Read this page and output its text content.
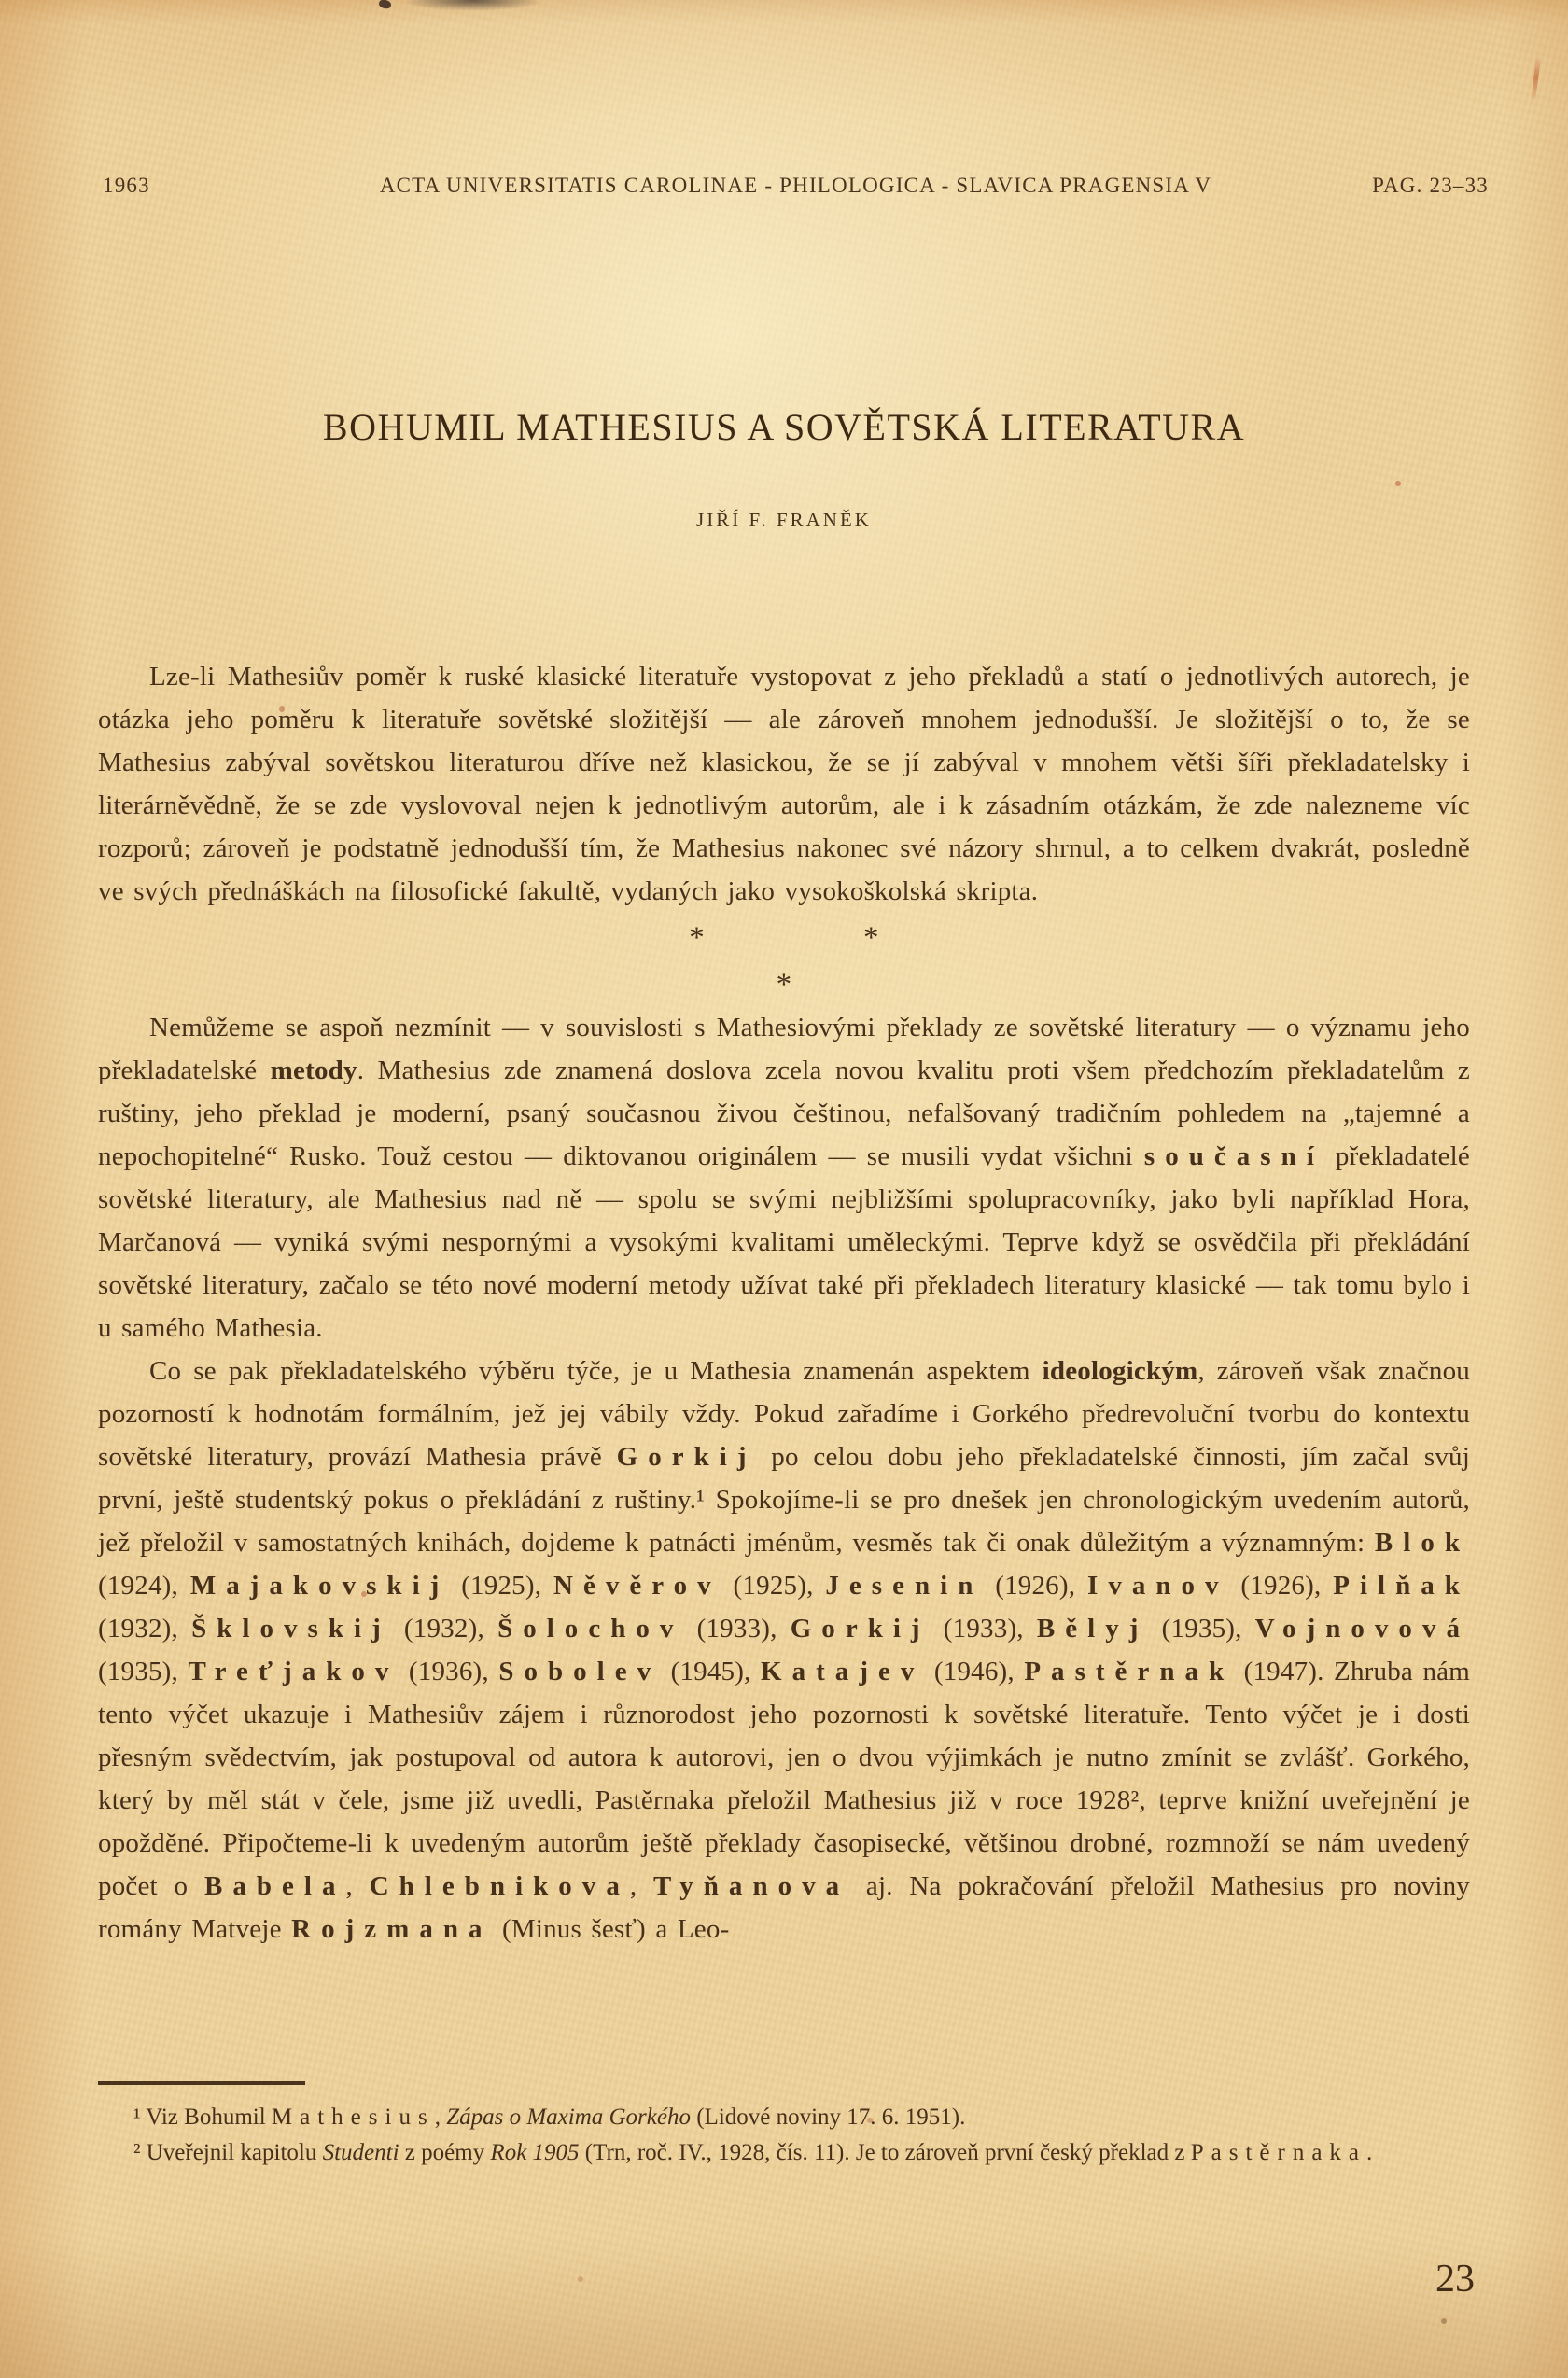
1963	ACTA UNIVERSITATIS CAROLINAE - PHILOLOGICA - SLAVICA PRAGENSIA V	PAG. 23–33
BOHUMIL MATHESIUS A SOVĚTSKÁ LITERATURA
JIŘÍ F. FRANĚK

Lze-li Mathesiův poměr k ruské klasické literatuře vystopovat z jeho překladů a statí o jednotlivých autorech, je otázka jeho poměru k literatuře sovětské složitější — ale zároveň mnohem jednodušší. Je složitější o to, že se Mathesius zabýval sovětskou literaturou dříve než klasickou, že se jí zabýval v mnohem větši šíři překladatelsky i literárněvědně, že se zde vyslovoval nejen k jednotlivým autorům, ale i k zásadním otázkám, že zde nalezneme víc rozporů; zároveň je podstatně jednodušší tím, že Mathesius nakonec své názory shrnul, a to celkem dvakrát, posledně ve svých přednáškách na filosofické fakultě, vydaných jako vysokoškolská skripta.

*	*
*

Nemůžeme se aspoň nezmínit — v souvislosti s Mathesiovými překlady ze sovětské literatury — o významu jeho překladatelské metody. Mathesius zde znamená doslova zcela novou kvalitu proti všem předchozím překladatelům z ruštiny, jeho překlad je moderní, psaný současnou živou češtinou, nefalšovaný tradičním pohledem na „tajemné a nepochopitelné“ Rusko. Touž cestou — diktovanou originálem — se musili vydat všichni současní překladatelé sovětské literatury, ale Mathesius nad ně — spolu se svými nejbližšími spolupracovníky, jako byli například Hora, Marčanová — vyniká svými nespornými a vysokými kvalitami uměleckými. Teprve když se osvědčila při překládání sovětské literatury, začalo se této nové moderní metody užívat také při překladech literatury klasické — tak tomu bylo i u samého Mathesia.

Co se pak překladatelského výběru týče, je u Mathesia znamenán aspektem ideologickým, zároveň však značnou pozorností k hodnotám formálním, jež jej vábily vždy. Pokud zařadíme i Gorkého předrevoluční tvorbu do kontextu sovětské literatury, provází Mathesia právě Gorkij po celou dobu jeho překladatelské činnosti, jím začal svůj první, ještě studentský pokus o překládání z ruštiny.¹ Spokojíme-li se pro dnešek jen chronologickým uvedením autorů, jež přeložil v samostatných knihách, dojdeme k patnácti jménům, vesměs tak či onak důležitým a významným: Blok (1924), Majakovskij (1925), Něvěrov (1925), Jesenin (1926), Ivanov (1926), Pilňak (1932), Šklovskij (1932), Šolochov (1933), Gorkij (1933), Bělyj (1935), Vojnovová (1935), Treťjakov (1936), Sobolev (1945), Katajev (1946), Pastěrnak (1947). Zhruba nám tento výčet ukazuje i Mathesiův zájem i různorodost jeho pozornosti k sovětské literatuře. Tento výčet je i dosti přesným svědectvím, jak postupoval od autora k autorovi, jen o dvou výjimkách je nutno zmínit se zvlášť. Gorkého, který by měl stát v čele, jsme již uvedli, Pastěrnaka přeložil Mathesius již v roce 1928², teprve knižní uveřejnění je opožděné. Připočteme-li k uvedeným autorům ještě překlady časopisecké, většinou drobné, rozmnoží se nám uvedený počet o Babela, Chlebnikova, Tyňanova aj. Na pokračování přeložil Mathesius pro noviny romány Matveje Rojzmana (Minus šesť) a Leo-

¹ Viz Bohumil Mathesius, Zápas o Maxima Gorkého (Lidové noviny 17. 6. 1951).

² Uveřejnil kapitolu Studenti z poémy Rok 1905 (Trn, roč. IV., 1928, čís. 11). Je to zároveň první český překlad z Pastěrnaka.

23
